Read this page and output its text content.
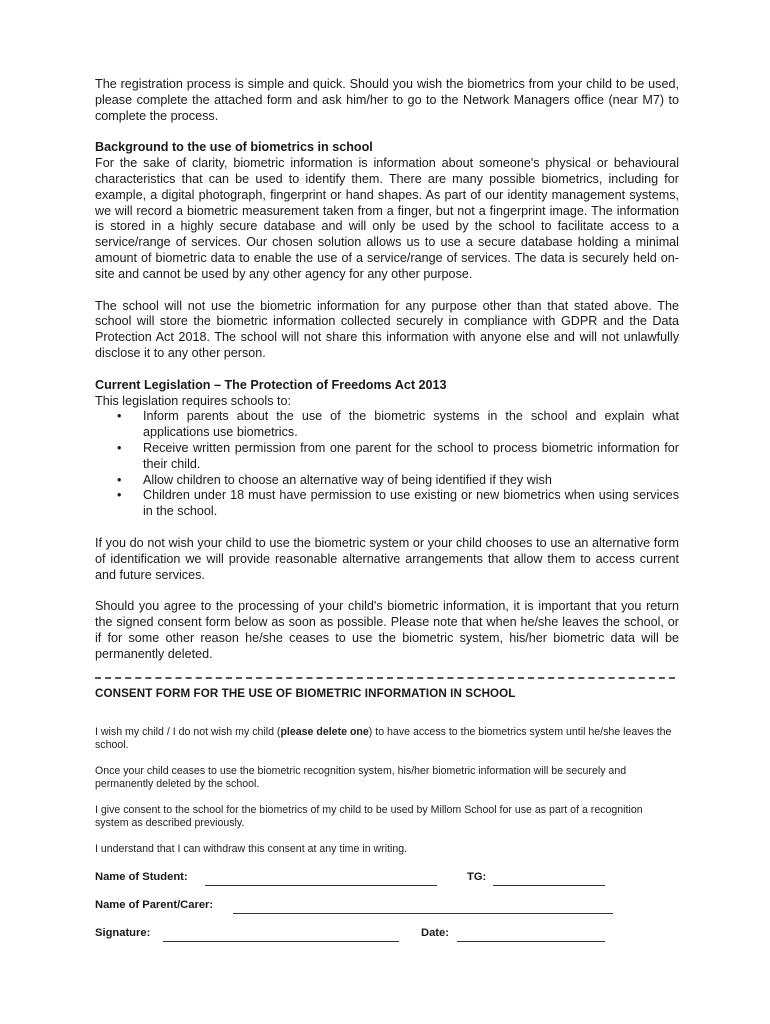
The registration process is simple and quick. Should you wish the biometrics from your child to be used, please complete the attached form and ask him/her to go to the Network Managers office (near M7) to complete the process.

Background to the use of biometrics in school

For the sake of clarity, biometric information is information about someone's physical or behavioural characteristics that can be used to identify them. There are many possible biometrics, including for example, a digital photograph, fingerprint or hand shapes. As part of our identity management systems, we will record a biometric measurement taken from a finger, but not a fingerprint image. The information is stored in a highly secure database and will only be used by the school to facilitate access to a service/range of services. Our chosen solution allows us to use a secure database holding a minimal amount of biometric data to enable the use of a service/range of services. The data is securely held on-site and cannot be used by any other agency for any other purpose.

The school will not use the biometric information for any purpose other than that stated above. The school will store the biometric information collected securely in compliance with GDPR and the Data Protection Act 2018. The school will not share this information with anyone else and will not unlawfully disclose it to any other person.

Current Legislation – The Protection of Freedoms Act 2013

This legislation requires schools to:

• Inform parents about the use of the biometric systems in the school and explain what applications use biometrics.
• Receive written permission from one parent for the school to process biometric information for their child.
• Allow children to choose an alternative way of being identified if they wish
• Children under 18 must have permission to use existing or new biometrics when using services in the school.

If you do not wish your child to use the biometric system or your child chooses to use an alternative form of identification we will provide reasonable alternative arrangements that allow them to access current and future services.

Should you agree to the processing of your child's biometric information, it is important that you return the signed consent form below as soon as possible. Please note that when he/she leaves the school, or if for some other reason he/she ceases to use the biometric system, his/her biometric data will be permanently deleted.

CONSENT FORM FOR THE USE OF BIOMETRIC INFORMATION IN SCHOOL

I wish my child / I do not wish my child (please delete one) to have access to the biometrics system until he/she leaves the school.

Once your child ceases to use the biometric recognition system, his/her biometric information will be securely and permanently deleted by the school.

I give consent to the school for the biometrics of my child to be used by Millom School for use as part of a recognition system as described previously.

I understand that I can withdraw this consent at any time in writing.

Name of Student:	TG:
Name of Parent/Carer:
Signature:	Date:
